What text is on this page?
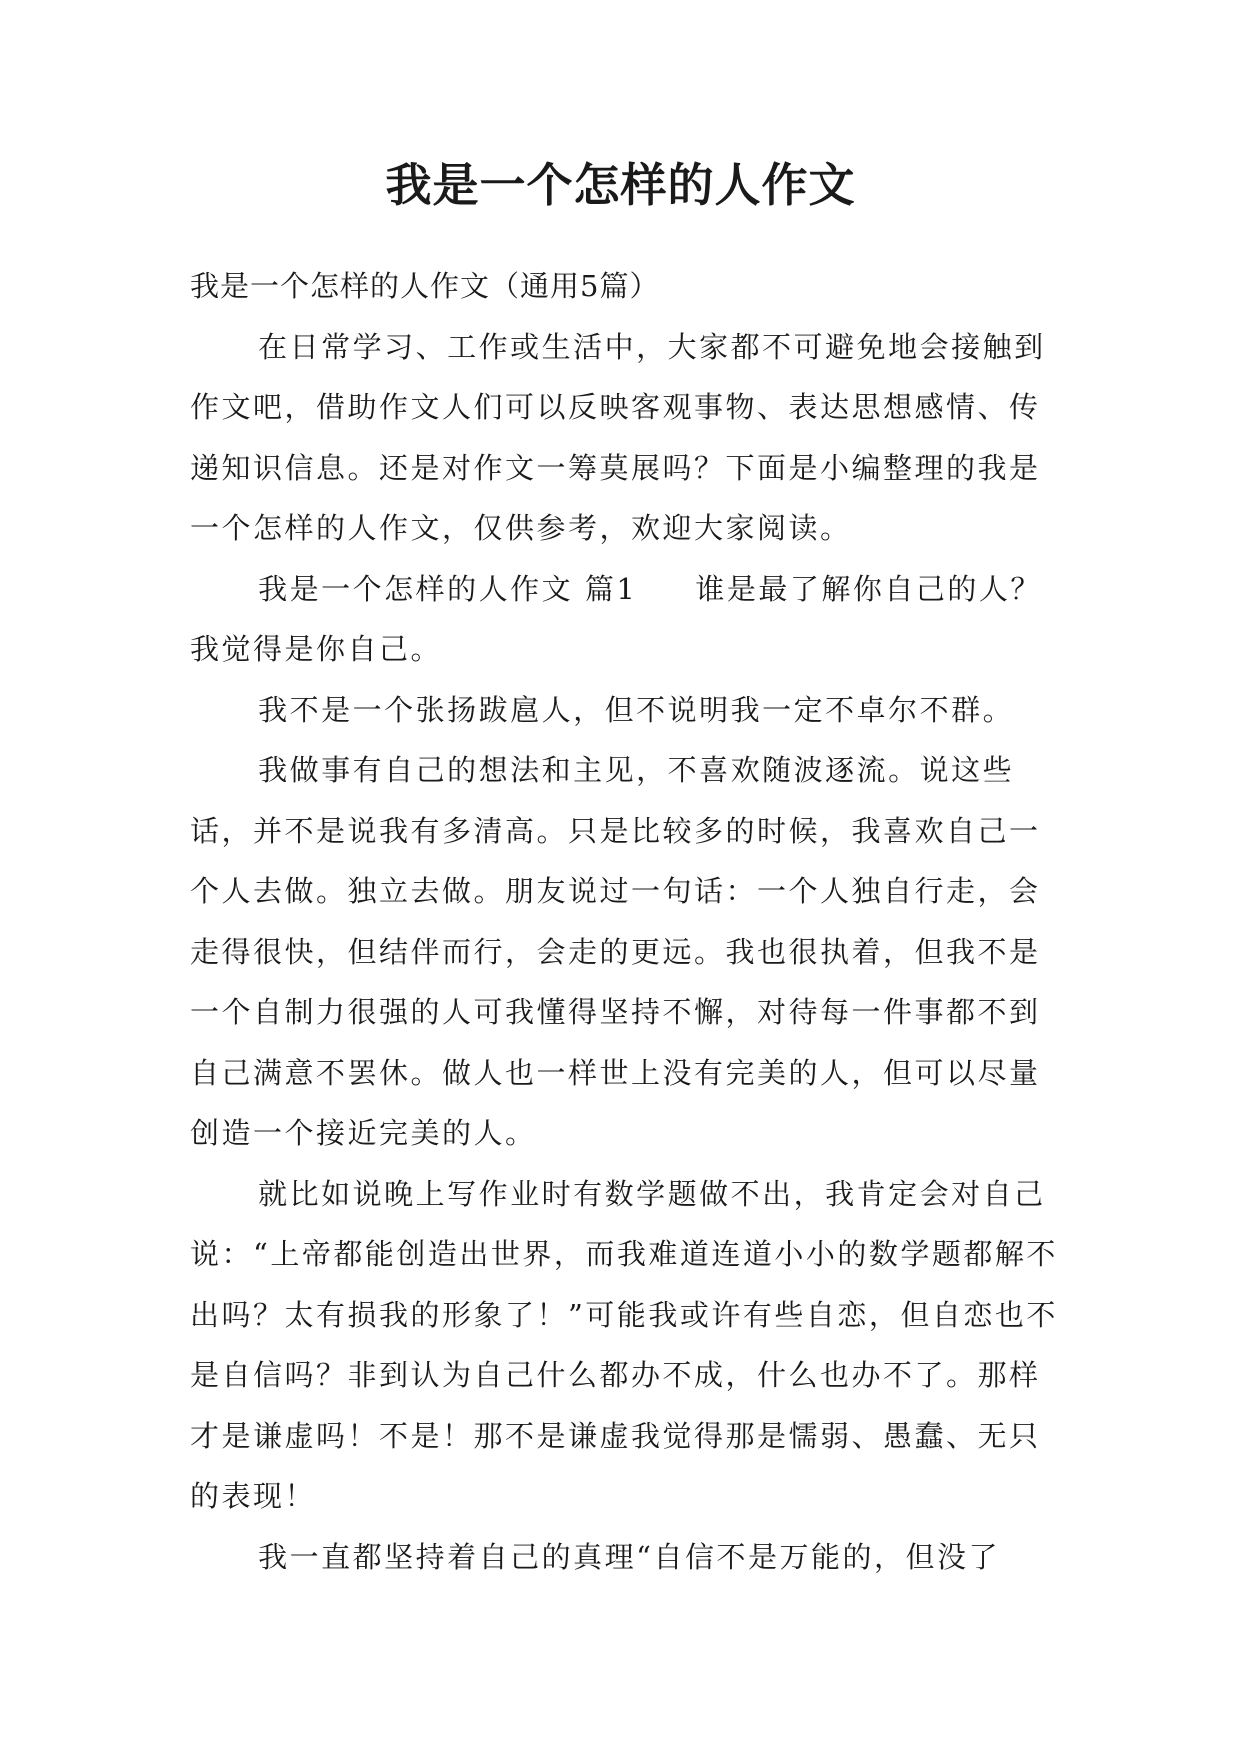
我是一个怎样的人作文

我是一个怎样的人作文（通用5篇）

在日常学习、工作或生活中，大家都不可避免地会接触到作文吧，借助作文人们可以反映客观事物、表达思想感情、传递知识信息。还是对作文一筹莫展吗？下面是小编整理的我是一个怎样的人作文，仅供参考，欢迎大家阅读。

我是一个怎样的人作文 篇1 谁是最了解你自己的人？我觉得是你自己。

我不是一个张扬跋扈人，但不说明我一定不卓尔不群。

我做事有自己的想法和主见，不喜欢随波逐流。说这些话，并不是说我有多清高。只是比较多的时候，我喜欢自己一个人去做。独立去做。朋友说过一句话：一个人独自行走，会走得很快，但结伴而行，会走的更远。我也很执着，但我不是一个自制力很强的人可我懂得坚持不懈，对待每一件事都不到自己满意不罢休。做人也一样世上没有完美的人，但可以尽量创造一个接近完美的人。

就比如说晚上写作业时有数学题做不出，我肯定会对自己说：“上帝都能创造出世界，而我难道连道小小的数学题都解不出吗？太有损我的形象了！”可能我或许有些自恋，但自恋也不是自信吗？非到认为自己什么都办不成，什么也办不了。那样才是谦虚吗！不是！那不是谦虚我觉得那是懦弱、愚蠢、无只的表现！

我一直都坚持着自己的真理“自信不是万能的，但没了
